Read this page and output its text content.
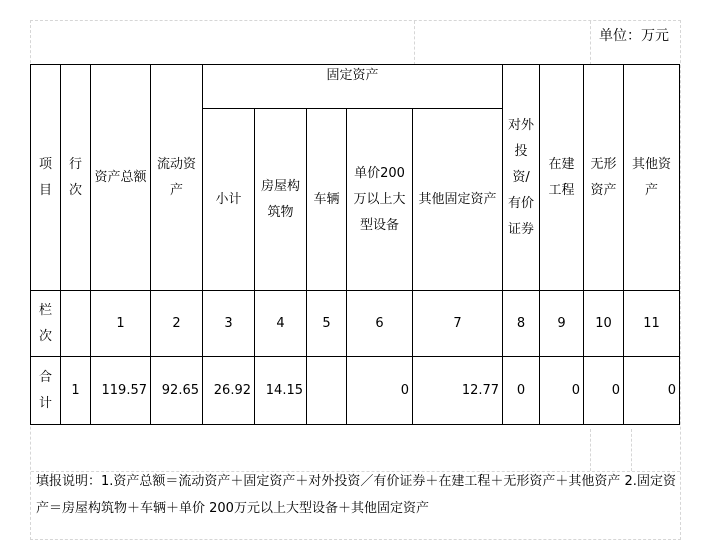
单位：万元
项目	行次	资产总额	流动资产	固定资产					对外投资/有价证券	在建工程	无形资产	其他资产
				小计	房屋构筑物	车辆	单价200万以上大型设备	其他固定资产				
栏次		1	2	3	4	5	6	7	8	9	10	11
合计	1	119.57	92.65	26.92	14.15		0	12.77	0	0	0	0
填报说明：1.资产总额＝流动资产＋固定资产＋对外投资／有价证券＋在建工程＋无形资产＋其他资产 2.固定资产＝房屋构筑物＋车辆＋单价 200万元以上大型设备＋其他固定资产
